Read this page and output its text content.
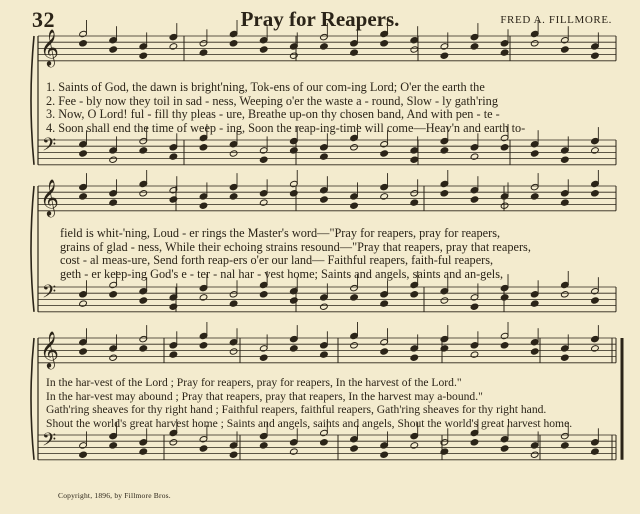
32	Pray for Reapers.	FRED A. FILLMORE.
𝄞
𝄢
𝄞
𝄢
𝄞
𝄢
1. Saints of God, the dawn is bright'ning, Tok-ens of our com-ing Lord; O'er the earth the
2. Fee - bly now they toil in sad - ness, Weeping o'er the waste a - round, Slow - ly gath'ring
3. Now, O Lord! ful - fill thy pleas - ure, Breathe up-on thy chosen band, And with pen - te -
4. Soon shall end the time of weep - ing, Soon the reap-ing-time will come—Heav'n and earth to-
field is whit-'ning, Loud - er rings the Master's word—"Pray for reapers, pray for reapers,
grains of glad - ness, While their echoing strains resound—"Pray that reapers, pray that reapers,
cost - al meas-ure, Send forth reap-ers o'er our land— Faithful reapers, faith-ful reapers,
geth - er keep-ing God's e - ter - nal har - vest home; Saints and angels, saints and an-gels,
In the har-vest of the Lord ; Pray for reapers, pray for reapers, In the harvest of the Lord."
In the har-vest may abound ; Pray that reapers, pray that reapers, In the harvest may a-bound."
Gath'ring sheaves for thy right hand ; Faithful reapers, faithful reapers, Gath'ring sheaves for thy right hand.
Shout the world's great harvest home ; Saints and angels, saints and angels, Shout the world's great harvest home.
Copyright, 1896, by Fillmore Bros.
